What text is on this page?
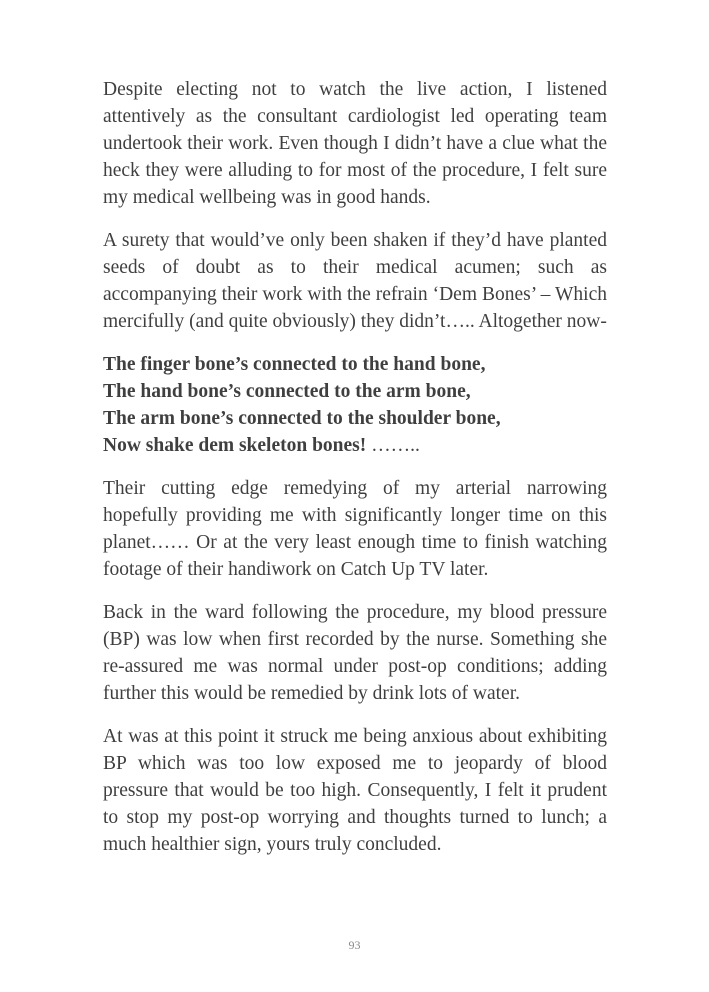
Despite electing not to watch the live action, I listened attentively as the consultant cardiologist led operating team undertook their work. Even though I didn’t have a clue what the heck they were alluding to for most of the procedure, I felt sure my medical wellbeing was in good hands.

A surety that would’ve only been shaken if they’d have planted seeds of doubt as to their medical acumen; such as accompanying their work with the refrain ‘Dem Bones’ – Which mercifully (and quite obviously) they didn’t….. Altogether now-

The finger bone’s connected to the hand bone,
The hand bone’s connected to the arm bone,
The arm bone’s connected to the shoulder bone,
Now shake dem skeleton bones! ……..

Their cutting edge remedying of my arterial narrowing hopefully providing me with significantly longer time on this planet…… Or at the very least enough time to finish watching footage of their handiwork on Catch Up TV later.

Back in the ward following the procedure, my blood pressure (BP) was low when first recorded by the nurse. Something she re-assured me was normal under post-op conditions; adding further this would be remedied by drink lots of water.

At was at this point it struck me being anxious about exhibiting BP which was too low exposed me to jeopardy of blood pressure that would be too high. Consequently, I felt it prudent to stop my post-op worrying and thoughts turned to lunch; a much healthier sign, yours truly concluded.

93
